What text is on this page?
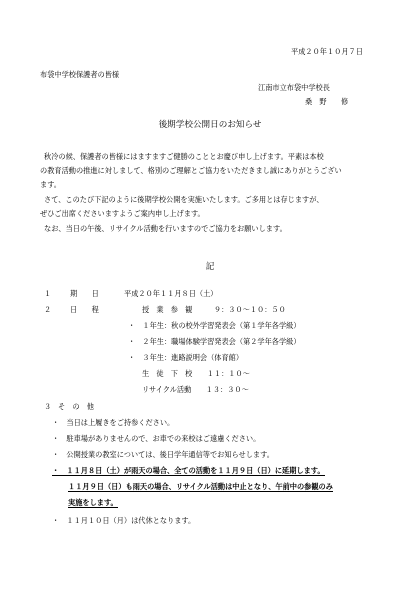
平成２０年１０月７日
布袋中学校保護者の皆様
江南市立布袋中学校長
桑　野　　修
後期学校公開日のお知らせ
秋冷の候、保護者の皆様にはますますご健勝のこととお慶び申し上げます。平素は本校
の教育活動の推進に対しまして、格別のご理解とご協力をいただきまし誠にありがとうござい
ます。
さて、このたび下記のように後期学校公開を実施いたします。ご多用とは存じますが、
ぜひご出席くださいますようご案内申し上げます。
なお、当日の午後、リサイクル活動を行いますのでご協力をお願いします。
記
１	期　　日	平成２０年１１月８日（土）
２	日　　程	授　業　参　観　　　９：３０～１０：５０
・　１年生：秋の校外学習発表会（第１学年各学級）
・　２年生：職場体験学習発表会（第２学年各学級）
・　３年生：進路説明会（体育館）
生　徒　下　校　　１１：１０～
リサイクル活動　　１３：３０～
３ そ　の　他
・　当日は上履きをご持参ください。
・　駐車場がありませんので、お車での来校はご遠慮ください。
・　公開授業の教室については、後日学年通信等でお知らせします。
・　１１月８日（土）が雨天の場合、全ての活動を１１月９日（日）に延期します。
１１月９日（日）も雨天の場合、リサイクル活動は中止となり、午前中の参観のみ
実施をします。
・　１１月１０日（月）は代休となります。
